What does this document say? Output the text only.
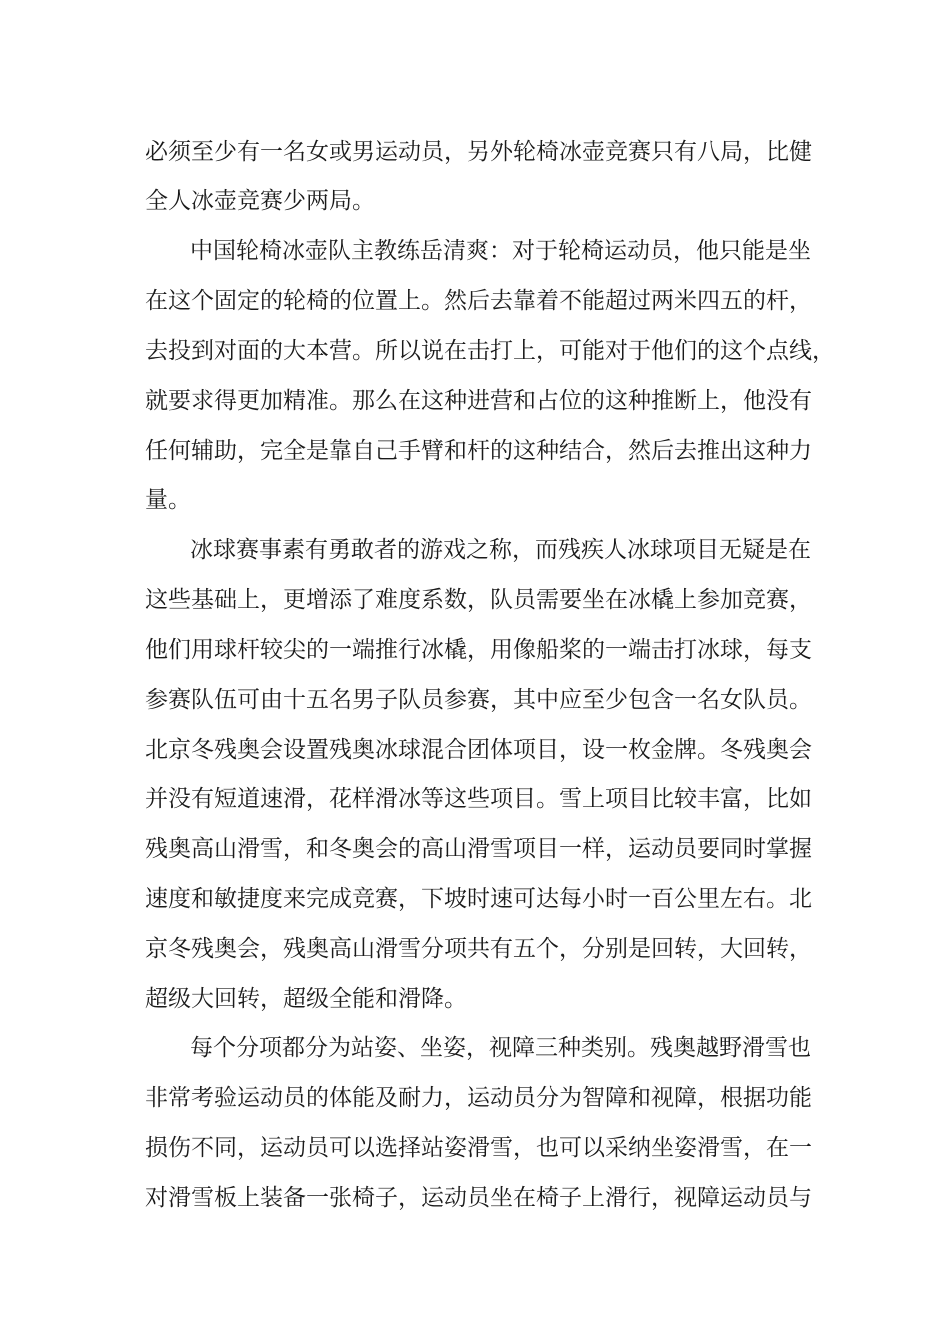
必须至少有一名女或男运动员，另外轮椅冰壶竞赛只有八局，比健
全人冰壶竞赛少两局。
中国轮椅冰壶队主教练岳清爽：对于轮椅运动员，他只能是坐
在这个固定的轮椅的位置上。然后去靠着不能超过两米四五的杆，
去投到对面的大本营。所以说在击打上，可能对于他们的这个点线，
就要求得更加精准。那么在这种进营和占位的这种推断上，他没有
任何辅助，完全是靠自己手臂和杆的这种结合，然后去推出这种力
量。
冰球赛事素有勇敢者的游戏之称，而残疾人冰球项目无疑是在
这些基础上，更增添了难度系数，队员需要坐在冰橇上参加竞赛，
他们用球杆较尖的一端推行冰橇，用像船桨的一端击打冰球，每支
参赛队伍可由十五名男子队员参赛，其中应至少包含一名女队员。
北京冬残奥会设置残奥冰球混合团体项目，设一枚金牌。冬残奥会
并没有短道速滑，花样滑冰等这些项目。雪上项目比较丰富，比如
残奥高山滑雪，和冬奥会的高山滑雪项目一样，运动员要同时掌握
速度和敏捷度来完成竞赛，下坡时速可达每小时一百公里左右。北
京冬残奥会，残奥高山滑雪分项共有五个，分别是回转，大回转，
超级大回转，超级全能和滑降。
每个分项都分为站姿、坐姿，视障三种类别。残奥越野滑雪也
非常考验运动员的体能及耐力，运动员分为智障和视障，根据功能
损伤不同，运动员可以选择站姿滑雪，也可以采纳坐姿滑雪，在一
对滑雪板上装备一张椅子，运动员坐在椅子上滑行，视障运动员与
